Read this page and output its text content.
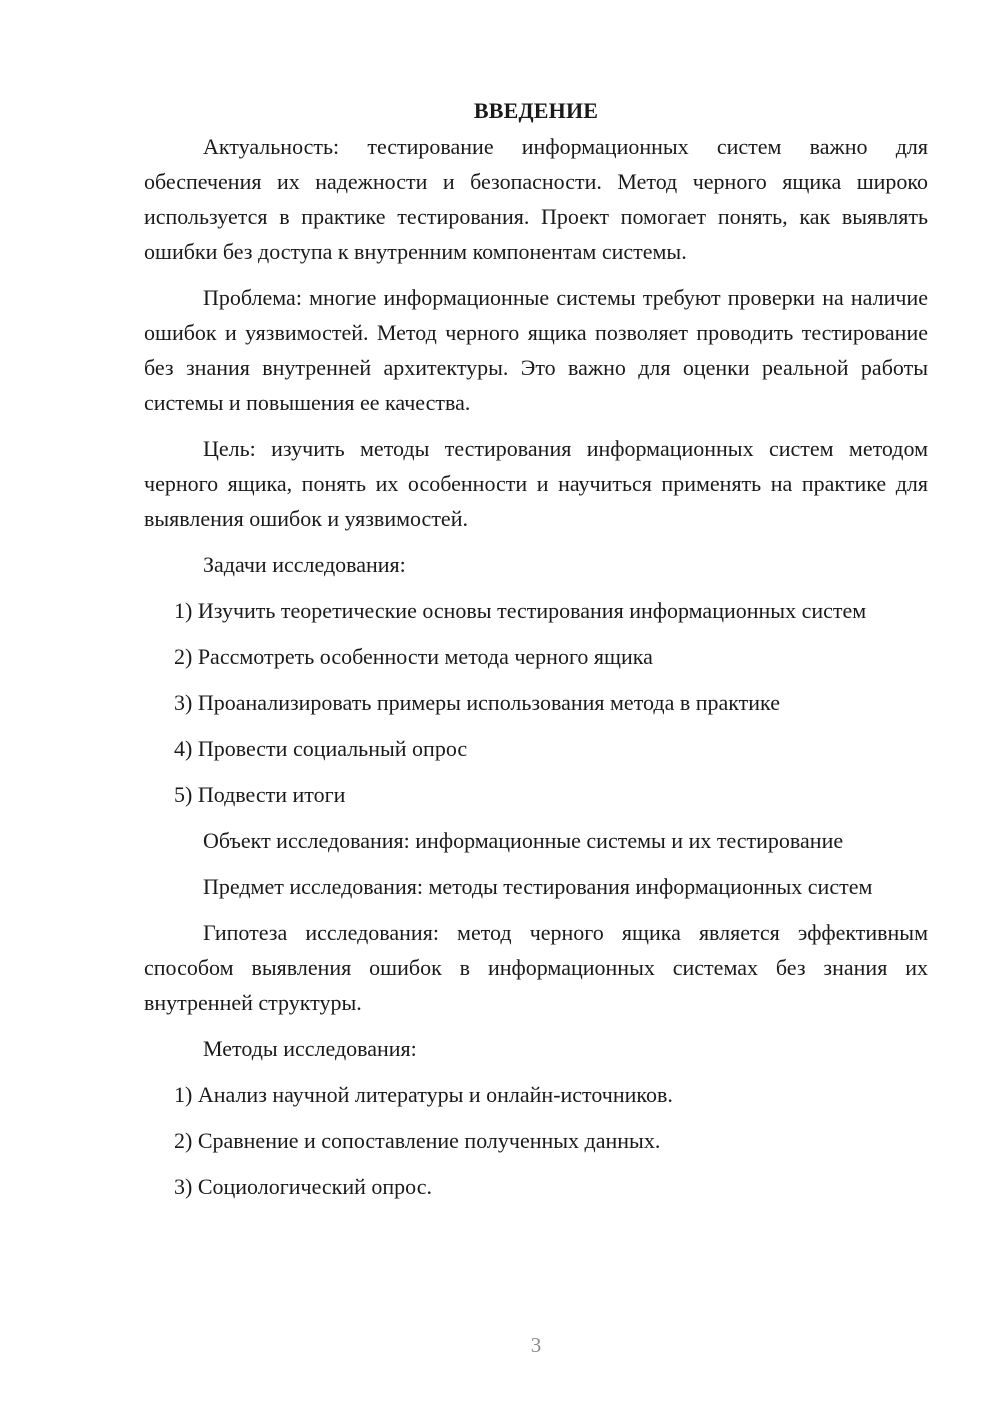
ВВЕДЕНИЕ

Актуальность: тестирование информационных систем важно для обеспечения их надежности и безопасности. Метод черного ящика широко используется в практике тестирования. Проект помогает понять, как выявлять ошибки без доступа к внутренним компонентам системы.

Проблема: многие информационные системы требуют проверки на наличие ошибок и уязвимостей. Метод черного ящика позволяет проводить тестирование без знания внутренней архитектуры. Это важно для оценки реальной работы системы и повышения ее качества.

Цель: изучить методы тестирования информационных систем методом черного ящика, понять их особенности и научиться применять на практике для выявления ошибок и уязвимостей.

Задачи исследования:

1) Изучить теоретические основы тестирования информационных систем

2) Рассмотреть особенности метода черного ящика

3) Проанализировать примеры использования метода в практике

4) Провести социальный опрос

5) Подвести итоги

Объект исследования: информационные системы и их тестирование

Предмет исследования: методы тестирования информационных систем

Гипотеза исследования: метод черного ящика является эффективным способом выявления ошибок в информационных системах без знания их внутренней структуры.

Методы исследования:

1) Анализ научной литературы и онлайн-источников.

2) Сравнение и сопоставление полученных данных.

3) Социологический опрос.

3
